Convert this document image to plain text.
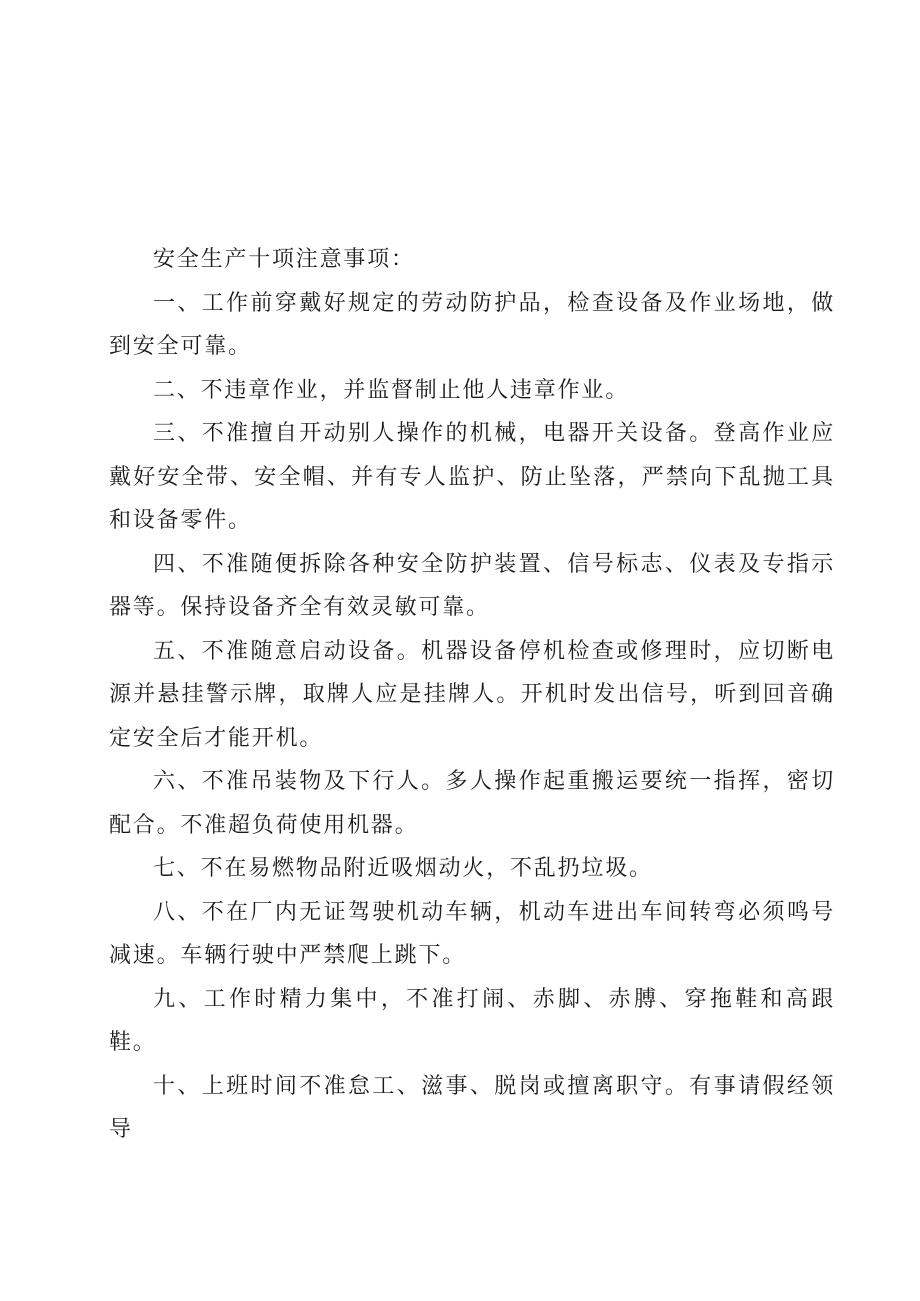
安全生产十项注意事项：

一、工作前穿戴好规定的劳动防护品，检查设备及作业场地，做到安全可靠。

二、不违章作业，并监督制止他人违章作业。

三、不准擅自开动别人操作的机械，电器开关设备。登高作业应戴好安全带、安全帽、并有专人监护、防止坠落，严禁向下乱抛工具和设备零件。

四、不准随便拆除各种安全防护装置、信号标志、仪表及专指示器等。保持设备齐全有效灵敏可靠。

五、不准随意启动设备。机器设备停机检查或修理时，应切断电源并悬挂警示牌，取牌人应是挂牌人。开机时发出信号，听到回音确定安全后才能开机。

六、不准吊装物及下行人。多人操作起重搬运要统一指挥，密切配合。不准超负荷使用机器。

七、不在易燃物品附近吸烟动火，不乱扔垃圾。

八、不在厂内无证驾驶机动车辆，机动车进出车间转弯必须鸣号减速。车辆行驶中严禁爬上跳下。

九、工作时精力集中，不准打闹、赤脚、赤膊、穿拖鞋和高跟鞋。

十、上班时间不准怠工、滋事、脱岗或擅离职守。有事请假经领导
